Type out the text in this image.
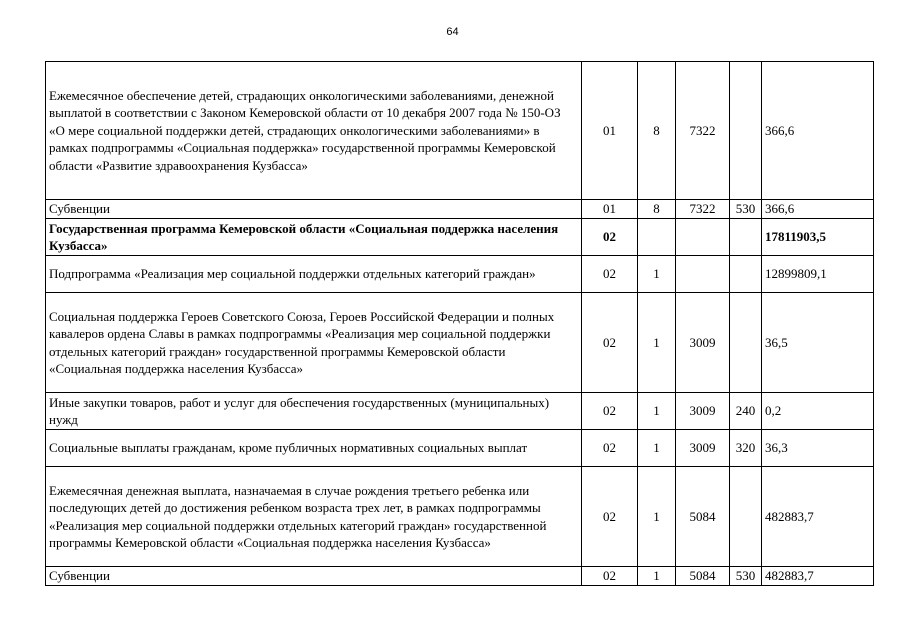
64
Ежемесячное обеспечение детей, страдающих онкологическими заболеваниями, денежной выплатой в соответствии с Законом Кемеровской области от 10 декабря 2007 года № 150-ОЗ «О мере социальной поддержки детей, страдающих онкологическими заболеваниями» в рамках подпрограммы «Социальная поддержка» государственной программы Кемеровской области «Развитие здравоохранения Кузбасса»	01	8	7322		366,6
Субвенции	01	8	7322	530	366,6
Государственная программа Кемеровской области «Социальная поддержка населения Кузбасса»	02				17811903,5
Подпрограмма «Реализация мер социальной поддержки отдельных категорий граждан»	02	1			12899809,1
Социальная поддержка Героев Советского Союза, Героев Российской Федерации и полных кавалеров ордена Славы в рамках подпрограммы «Реализация мер социальной поддержки отдельных категорий граждан» государственной программы Кемеровской области «Социальная поддержка населения Кузбасса»	02	1	3009		36,5
Иные закупки товаров, работ и услуг для обеспечения государственных (муниципальных) нужд	02	1	3009	240	0,2
Социальные выплаты гражданам, кроме публичных нормативных социальных выплат	02	1	3009	320	36,3
Ежемесячная денежная выплата, назначаемая в случае рождения третьего ребенка или последующих детей до достижения ребенком возраста трех лет, в рамках подпрограммы «Реализация мер социальной поддержки отдельных категорий граждан» государственной программы Кемеровской области «Социальная поддержка населения Кузбасса»	02	1	5084		482883,7
Субвенции	02	1	5084	530	482883,7
